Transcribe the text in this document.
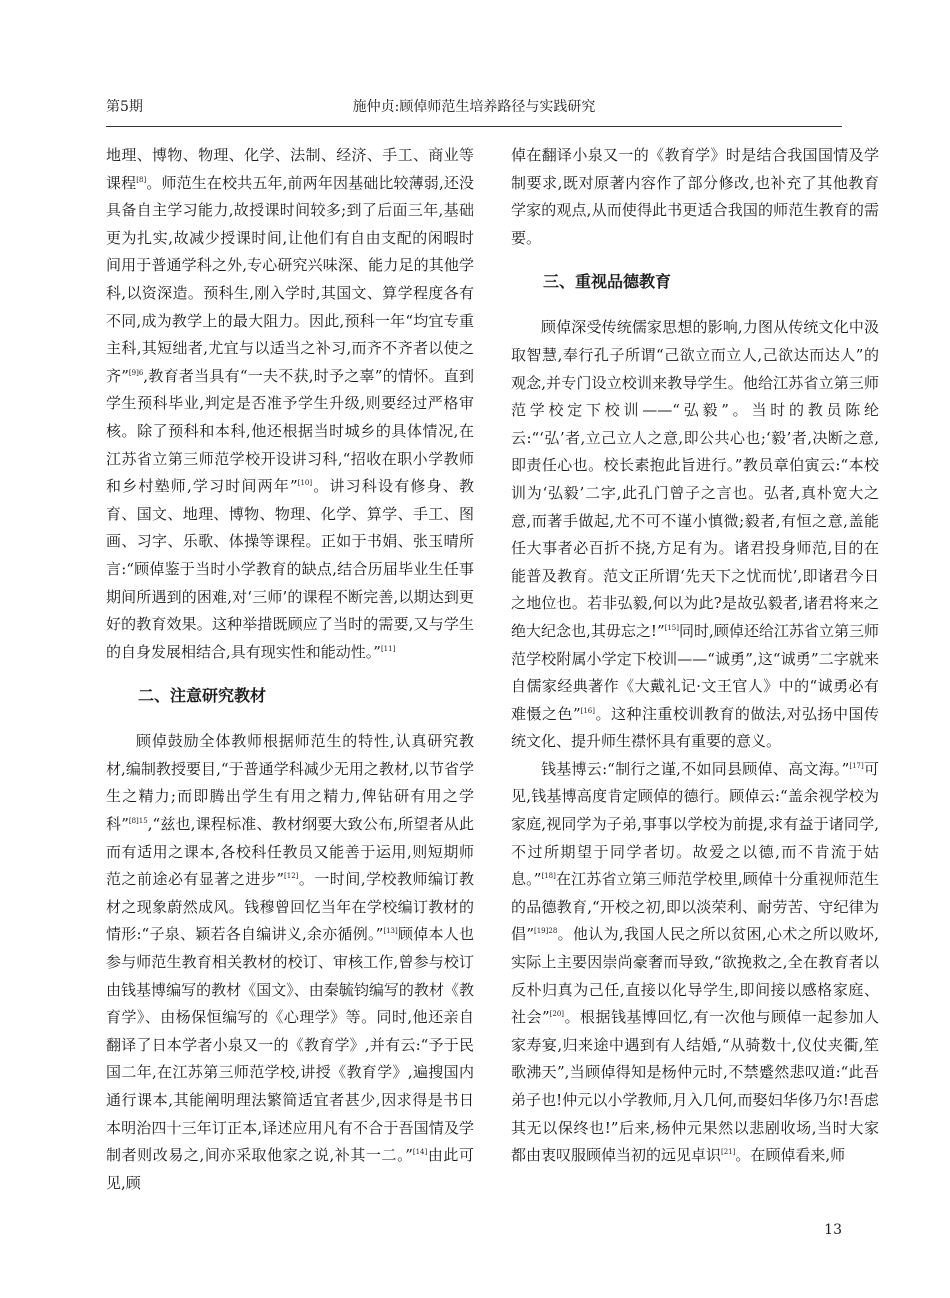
第5期	施仲贞:顾倬师范生培养路径与实践研究

地理、博物、物理、化学、法制、经济、手工、商业等课程[8]。师范生在校共五年,前两年因基础比较薄弱,还没具备自主学习能力,故授课时间较多;到了后面三年,基础更为扎实,故减少授课时间,让他们有自由支配的闲暇时间用于普通学科之外,专心研究兴味深、能力足的其他学科,以资深造。预科生,刚入学时,其国文、算学程度各有不同,成为教学上的最大阻力。因此,预科一年“均宜专重主科,其短绌者,尤宜与以适当之补习,而齐不齐者以使之齐”$^{[9]6}$,教育者当具有“一夫不获,时予之辜”的情怀。直到学生预科毕业,判定是否准予学生升级,则要经过严格审核。除了预科和本科,他还根据当时城乡的具体情况,在江苏省立第三师范学校开设讲习科,“招收在职小学教师和乡村塾师,学习时间两年”[10]。讲习科设有修身、教育、国文、地理、博物、物理、化学、算学、手工、图画、习字、乐歌、体操等课程。正如于书娟、张玉晴所言:“顾倬鉴于当时小学教育的缺点,结合历届毕业生任事期间所遇到的困难,对‘三师’的课程不断完善,以期达到更好的教育效果。这种举措既顾应了当时的需要,又与学生的自身发展相结合,具有现实性和能动性。”[11]

二、注意研究教材

顾倬鼓励全体教师根据师范生的特性,认真研究教材,编制教授要目,“于普通学科减少无用之教材,以节省学生之精力;而即腾出学生有用之精力,俾钻研有用之学科”$^{[8]15}$,“兹也,课程标准、教材纲要大致公布,所望者从此而有适用之课本,各校科任教员又能善于运用,则短期师范之前途必有显著之进步”[12]。一时间,学校教师编订教材之现象蔚然成风。钱穆曾回忆当年在学校编订教材的情形:“子泉、颖若各自编讲义,余亦循例。”[13]顾倬本人也参与师范生教育相关教材的校订、审核工作,曾参与校订由钱基博编写的教材《国文》、由秦毓钧编写的教材《教育学》、由杨保恒编写的《心理学》等。同时,他还亲自翻译了日本学者小泉又一的《教育学》,并有云:“予于民国二年,在江苏第三师范学校,讲授《教育学》,遍搜国内通行课本,其能阐明理法繁简适宜者甚少,因求得是书日本明治四十三年订正本,译述应用凡有不合于吾国情及学制者则改易之,间亦采取他家之说,补其一二。”[14]由此可见,顾

倬在翻译小泉又一的《教育学》时是结合我国国情及学制要求,既对原著内容作了部分修改,也补充了其他教育学家的观点,从而使得此书更适合我国的师范生教育的需要。

三、重视品德教育

顾倬深受传统儒家思想的影响,力图从传统文化中汲取智慧,奉行孔子所谓“己欲立而立人,己欲达而达人”的观念,并专门设立校训来教导学生。他给江苏省立第三师范学校定下校训——“弘毅”。当时的教员陈纶云:“‘弘’者,立己立人之意,即公共心也;‘毅’者,决断之意,即责任心也。校长素抱此旨进行。”教员章伯寅云:“本校训为‘弘毅’二字,此孔门曾子之言也。弘者,真朴宽大之意,而著手做起,尤不可不谨小慎微;毅者,有恒之意,盖能任大事者必百折不挠,方足有为。诸君投身师范,目的在能普及教育。范文正所谓‘先天下之忧而忧’,即诸君今日之地位也。若非弘毅,何以为此?是故弘毅者,诸君将来之绝大纪念也,其毋忘之!”[15]同时,顾倬还给江苏省立第三师范学校附属小学定下校训——“诚勇”,这“诚勇”二字就来自儒家经典著作《大戴礼记·文王官人》中的“诚勇必有难慑之色”[16]。这种注重校训教育的做法,对弘扬中国传统文化、提升师生襟怀具有重要的意义。

钱基博云:“制行之谨,不如同县顾倬、高文海。”[17]可见,钱基博高度肯定顾倬的德行。顾倬云:“盖余视学校为家庭,视同学为子弟,事事以学校为前提,求有益于诸同学,不过所期望于同学者切。故爱之以德,而不肯流于姑息。”[18]在江苏省立第三师范学校里,顾倬十分重视师范生的品德教育,“开校之初,即以淡荣利、耐劳苦、守纪律为倡”$^{[19]28}$。他认为,我国人民之所以贫困,心术之所以败坏,实际上主要因崇尚豪奢而导致,“欲挽救之,全在教育者以反朴归真为己任,直接以化导学生,即间接以感格家庭、社会”[20]。根据钱基博回忆,有一次他与顾倬一起参加人家寿宴,归来途中遇到有人结婚,“从骑数十,仪仗夹衢,笙歌沸天”,当顾倬得知是杨仲元时,不禁蹙然悲叹道:“此吾弟子也!仲元以小学教师,月入几何,而娶妇华侈乃尔!吾虑其无以保终也!”后来,杨仲元果然以悲剧收场,当时大家都由衷叹服顾倬当初的远见卓识[21]。在顾倬看来,师

13
